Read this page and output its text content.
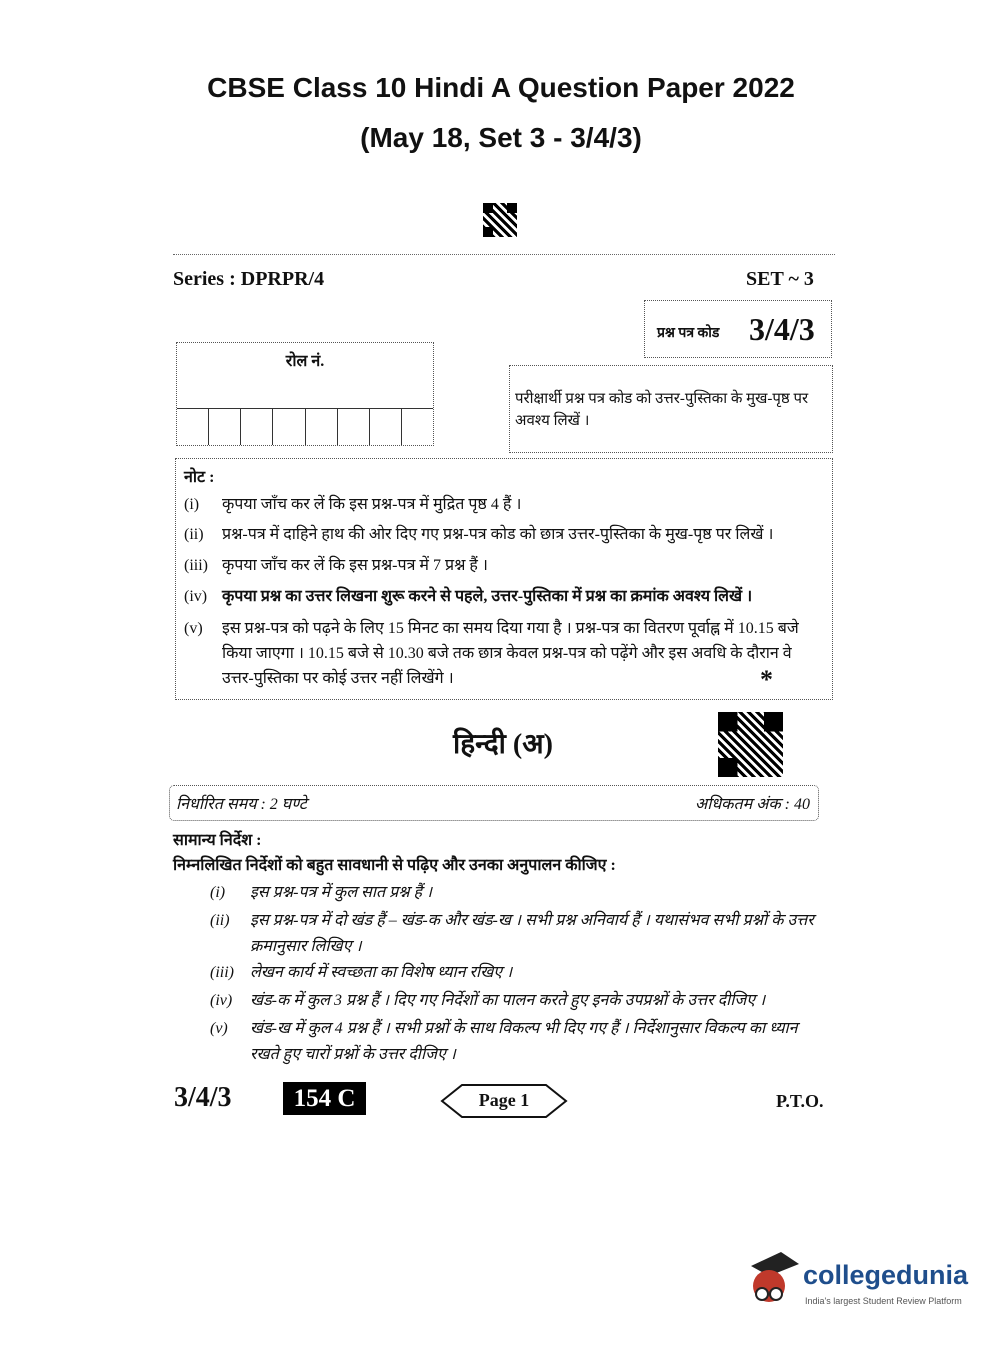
CBSE Class 10 Hindi A Question Paper 2022
(May 18, Set 3 - 3/4/3)
Series : DPRPR/4	SET ~ 3
प्रश्न पत्र कोड 3/4/3
रोल नं.
परीक्षार्थी प्रश्न पत्र कोड को उत्तर-पुस्तिका के मुख-पृष्ठ पर अवश्य लिखें ।
नोट :
(i) कृपया जाँच कर लें कि इस प्रश्न-पत्र में मुद्रित पृष्ठ 4 हैं ।
(ii) प्रश्न-पत्र में दाहिने हाथ की ओर दिए गए प्रश्न-पत्र कोड को छात्र उत्तर-पुस्तिका के मुख-पृष्ठ पर लिखें ।
(iii) कृपया जाँच कर लें कि इस प्रश्न-पत्र में 7 प्रश्न हैं ।
(iv) कृपया प्रश्न का उत्तर लिखना शुरू करने से पहले, उत्तर-पुस्तिका में प्रश्न का क्रमांक अवश्य लिखें ।
(v) इस प्रश्न-पत्र को पढ़ने के लिए 15 मिनट का समय दिया गया है । प्रश्न-पत्र का वितरण पूर्वाह्न में 10.15 बजे किया जाएगा । 10.15 बजे से 10.30 बजे तक छात्र केवल प्रश्न-पत्र को पढ़ेंगे और इस अवधि के दौरान वे उत्तर-पुस्तिका पर कोई उत्तर नहीं लिखेंगे ।	*
हिन्दी (अ)
निर्धारित समय : 2 घण्टे	अधिकतम अंक : 40
सामान्य निर्देश :
निम्नलिखित निर्देशों को बहुत सावधानी से पढ़िए और उनका अनुपालन कीजिए :
(i) इस प्रश्न-पत्र में कुल सात प्रश्न हैं ।
(ii) इस प्रश्न-पत्र में दो खंड हैं – खंड-क और खंड-ख । सभी प्रश्न अनिवार्य हैं । यथासंभव सभी प्रश्नों के उत्तर क्रमानुसार लिखिए ।
(iii) लेखन कार्य में स्वच्छता का विशेष ध्यान रखिए ।
(iv) खंड-क में कुल 3 प्रश्न हैं । दिए गए निर्देशों का पालन करते हुए इनके उपप्रश्नों के उत्तर दीजिए ।
(v) खंड-ख में कुल 4 प्रश्न हैं । सभी प्रश्नों के साथ विकल्प भी दिए गए हैं । निर्देशानुसार विकल्प का ध्यान रखते हुए चारों प्रश्नों के उत्तर दीजिए ।
3/4/3	154 C	Page 1	P.T.O.
collegedunia
India's largest Student Review Platform
